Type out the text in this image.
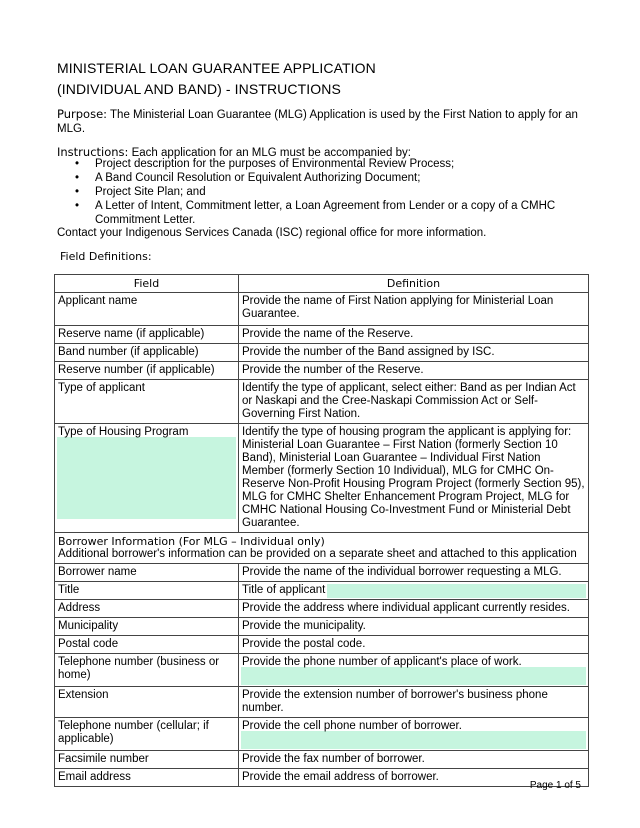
MINISTERIAL LOAN GUARANTEE APPLICATION
(INDIVIDUAL AND BAND) - INSTRUCTIONS
Purpose: The Ministerial Loan Guarantee (MLG) Application is used by the First Nation to apply for an MLG.
Instructions: Each application for an MLG must be accompanied by:
• Project description for the purposes of Environmental Review Process;
• A Band Council Resolution or Equivalent Authorizing Document;
• Project Site Plan; and
• A Letter of Intent, Commitment letter, a Loan Agreement from Lender or a copy of a CMHC Commitment Letter.
Contact your Indigenous Services Canada (ISC) regional office for more information.
Field Definitions:
Field	Definition
Applicant name	Provide the name of First Nation applying for Ministerial Loan Guarantee.
Reserve name (if applicable)	Provide the name of the Reserve.
Band number (if applicable)	Provide the number of the Band assigned by ISC.
Reserve number (if applicable)	Provide the number of the Reserve.
Type of applicant	Identify the type of applicant, select either: Band as per Indian Act or Naskapi and the Cree-Naskapi Commission Act or Self-Governing First Nation.

Type of Housing Program	Identify the type of housing program the applicant is applying for: Ministerial Loan Guarantee – First Nation (formerly Section 10 Band), Ministerial Loan Guarantee – Individual First Nation Member (formerly Section 10 Individual), MLG for CMHC On-Reserve Non-Profit Housing Program Project (formerly Section 95), MLG for CMHC Shelter Enhancement Program Project, MLG for CMHC National Housing Co-Investment Fund or Ministerial Debt Guarantee.

Borrower Information (For MLG – Individual only)
Additional borrower's information can be provided on a separate sheet and attached to this application	

Borrower name	Provide the name of the individual borrower requesting a MLG.
Title	Title of applicant
Address	Provide the address where individual applicant currently resides.
Municipality	Provide the municipality.
Postal code	Provide the postal code.
Telephone number (business or home)	Provide the phone number of applicant's place of work.
Extension	Provide the extension number of borrower's business phone number.
Telephone number (cellular; if applicable)	Provide the cell phone number of borrower.
Facsimile number	Provide the fax number of borrower.
Email address	Provide the email address of borrower.
Page 1 of 5
